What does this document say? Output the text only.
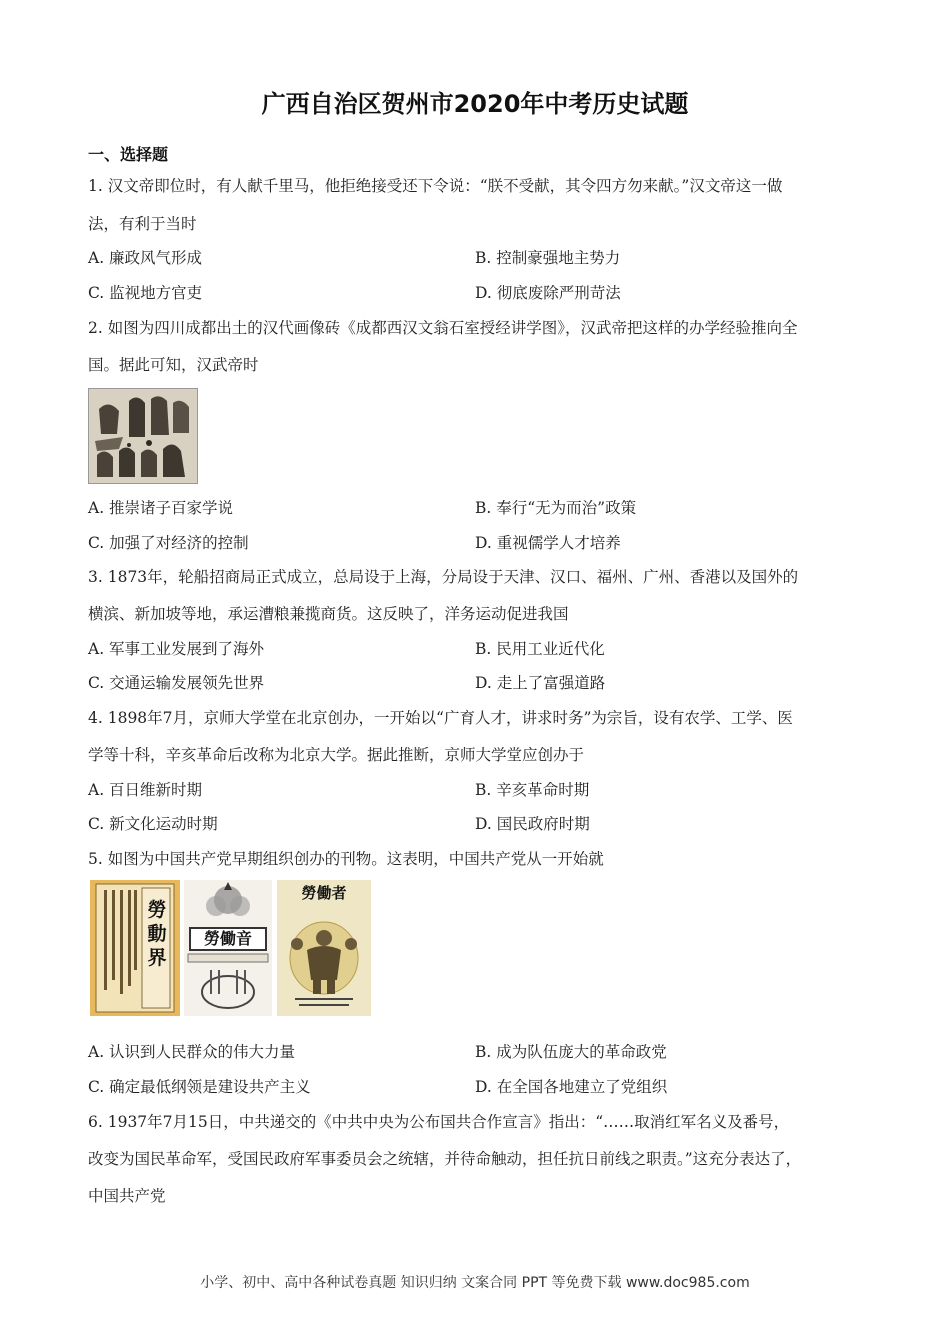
广西自治区贺州市2020年中考历史试题
一、选择题
1. 汉文帝即位时，有人献千里马，他拒绝接受还下令说：“朕不受献，其令四方勿来献。”汉文帝这一做
法，有利于当时
A. 廉政风气形成	B. 控制豪强地主势力
C. 监视地方官吏	D. 彻底废除严刑苛法
2. 如图为四川成都出土的汉代画像砖《成都西汉文翁石室授经讲学图》，汉武帝把这样的办学经验推向全
国。据此可知，汉武帝时
A. 推崇诸子百家学说	B. 奉行“无为而治”政策
C. 加强了对经济的控制	D. 重视儒学人才培养
3. 1873年，轮船招商局正式成立，总局设于上海，分局设于天津、汉口、福州、广州、香港以及国外的
横滨、新加坡等地，承运漕粮兼揽商货。这反映了，洋务运动促进我国
A. 军事工业发展到了海外	B. 民用工业近代化
C. 交通运输发展领先世界	D. 走上了富强道路
4. 1898年7月，京师大学堂在北京创办，一开始以“广育人才，讲求时务”为宗旨，设有农学、工学、医
学等十科，辛亥革命后改称为北京大学。据此推断，京师大学堂应创办于
A. 百日维新时期	B. 辛亥革命时期
C. 新文化运动时期	D. 国民政府时期
5. 如图为中国共产党早期组织创办的刊物。这表明，中国共产党从一开始就
勞動界
勞働音
勞働者
A. 认识到人民群众的伟大力量	B. 成为队伍庞大的革命政党
C. 确定最低纲领是建设共产主义	D. 在全国各地建立了党组织
6. 1937年7月15日，中共递交的《中共中央为公布国共合作宣言》指出：“……取消红军名义及番号，
改变为国民革命军，受国民政府军事委员会之统辖，并待命触动，担任抗日前线之职责。”这充分表达了，
中国共产党
小学、初中、高中各种试卷真题 知识归纳 文案合同 PPT 等免费下载 www.doc985.com
